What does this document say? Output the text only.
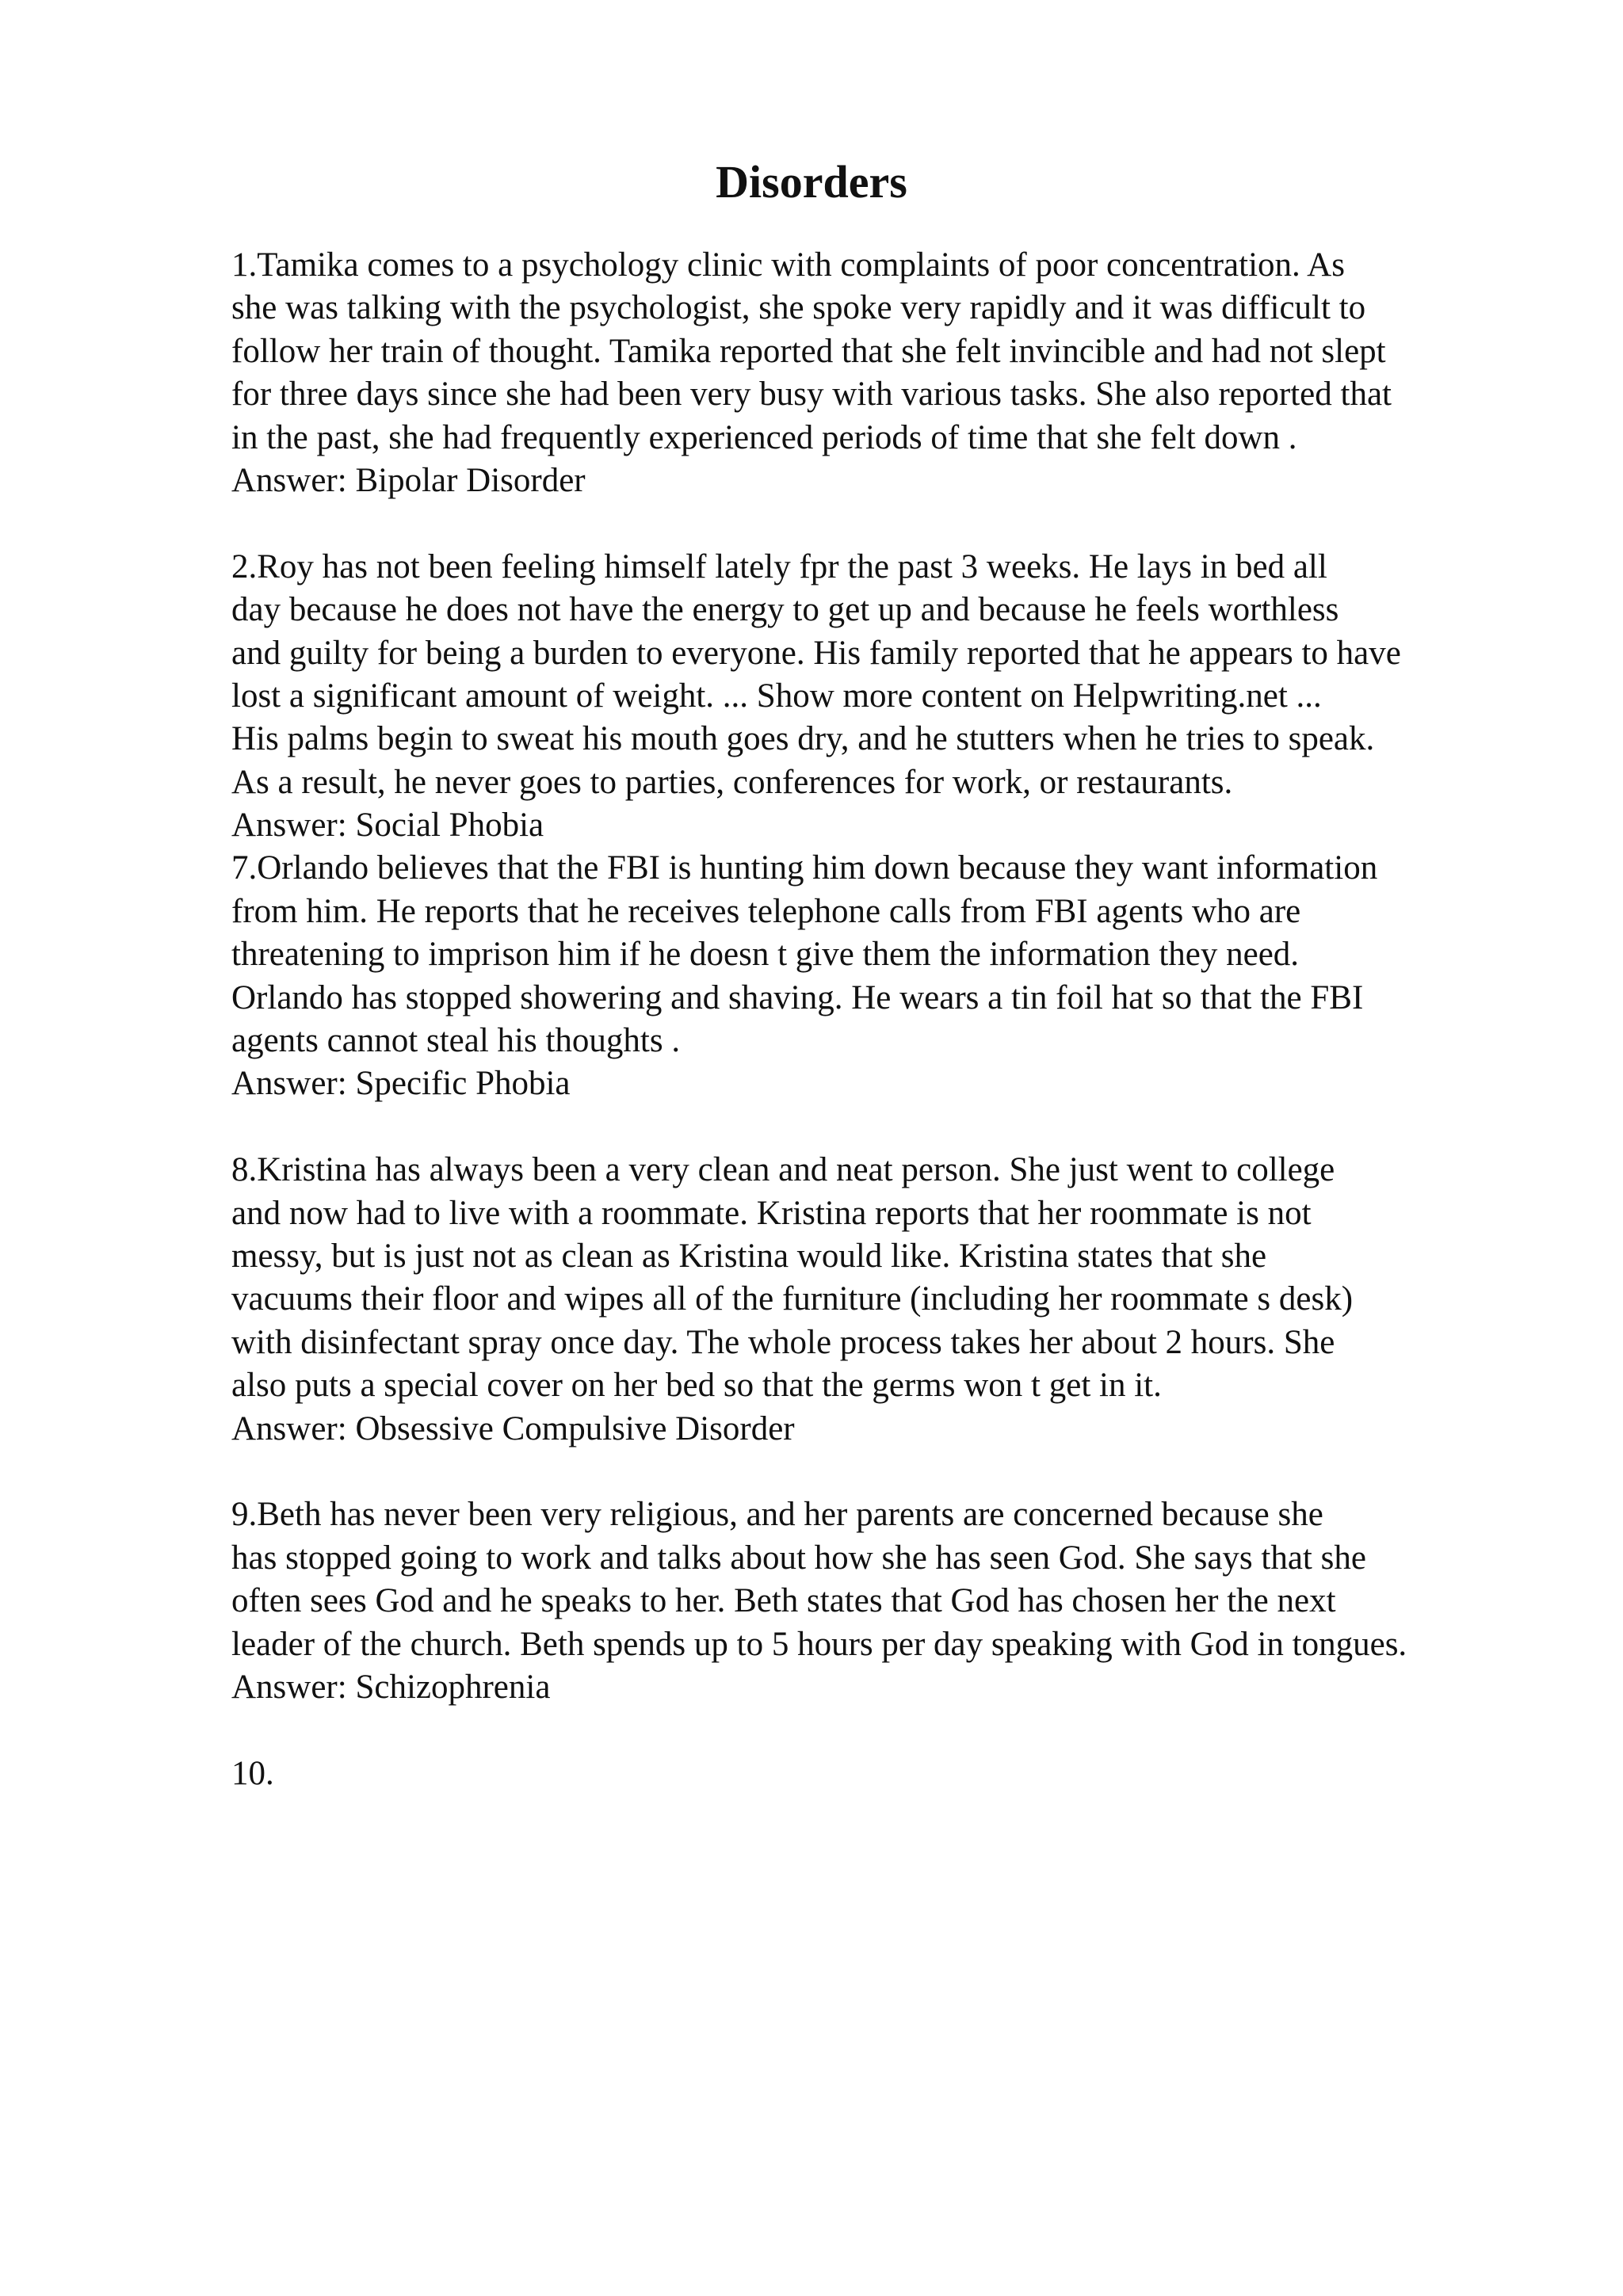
Disorders
1.Tamika comes to a psychology clinic with complaints of poor concentration. As
she was talking with the psychologist, she spoke very rapidly and it was difficult to
follow her train of thought. Tamika reported that she felt invincible and had not slept
for three days since she had been very busy with various tasks. She also reported that
in the past, she had frequently experienced periods of time that she felt down .
Answer: Bipolar Disorder
2.Roy has not been feeling himself lately fpr the past 3 weeks. He lays in bed all
day because he does not have the energy to get up and because he feels worthless
and guilty for being a burden to everyone. His family reported that he appears to have
lost a significant amount of weight. ... Show more content on Helpwriting.net ...
His palms begin to sweat his mouth goes dry, and he stutters when he tries to speak.
As a result, he never goes to parties, conferences for work, or restaurants.
Answer: Social Phobia
7.Orlando believes that the FBI is hunting him down because they want information
from him. He reports that he receives telephone calls from FBI agents who are
threatening to imprison him if he doesn t give them the information they need.
Orlando has stopped showering and shaving. He wears a tin foil hat so that the FBI
agents cannot steal his thoughts .
Answer: Specific Phobia
8.Kristina has always been a very clean and neat person. She just went to college
and now had to live with a roommate. Kristina reports that her roommate is not
messy, but is just not as clean as Kristina would like. Kristina states that she
vacuums their floor and wipes all of the furniture (including her roommate s desk)
with disinfectant spray once day. The whole process takes her about 2 hours. She
also puts a special cover on her bed so that the germs won t get in it.
Answer: Obsessive Compulsive Disorder
9.Beth has never been very religious, and her parents are concerned because she
has stopped going to work and talks about how she has seen God. She says that she
often sees God and he speaks to her. Beth states that God has chosen her the next
leader of the church. Beth spends up to 5 hours per day speaking with God in tongues.
Answer: Schizophrenia
10.
